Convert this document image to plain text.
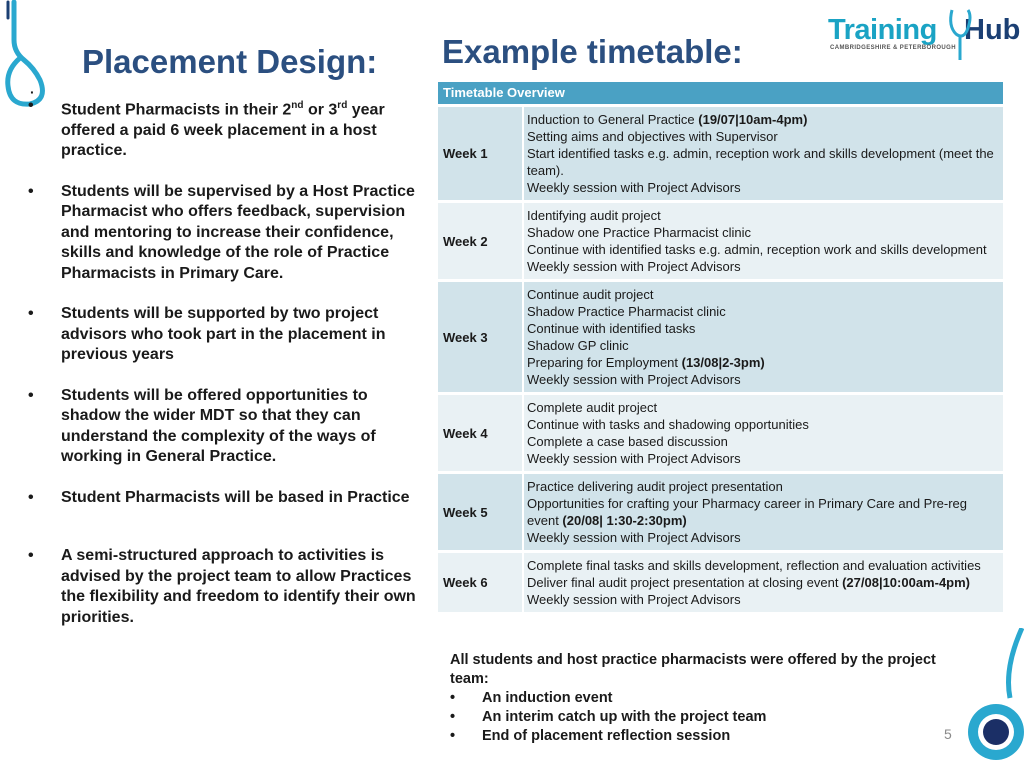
Placement Design: Example timetable:
Training Hub
CAMBRIDGESHIRE & PETERBOROUGH
·
•	Student Pharmacists in their 2nd or 3rd year offered a paid 6 week placement in a host practice.
•	Students will be supervised by a Host Practice Pharmacist who offers feedback, supervision and mentoring to increase their confidence, skills and knowledge of the role of Practice Pharmacists in Primary Care.
•	Students will be supported by two project advisors who took part in the placement in previous years
•	Students will be offered opportunities to shadow the wider MDT so that they can understand the complexity of the ways of working in General Practice.
•	Student Pharmacists will be based in Practice
•	A semi-structured approach to activities is advised by the project team to allow Practices the flexibility and freedom to identify their own priorities.
Timetable Overview
Week 1
Induction to General Practice (19/07|10am-4pm)
Setting aims and objectives with Supervisor
Start identified tasks e.g. admin, reception work and skills development (meet the team).
Weekly session with Project Advisors
Week 2
Identifying audit project
Shadow one Practice Pharmacist clinic
Continue with identified tasks e.g. admin, reception work and skills development
Weekly session with Project Advisors
Week 3
Continue audit project
Shadow Practice Pharmacist clinic
Continue with identified tasks
Shadow GP clinic
Preparing for Employment (13/08|2-3pm)
Weekly session with Project Advisors
Week 4
Complete audit project
Continue with tasks and shadowing opportunities
Complete a case based discussion
Weekly session with Project Advisors
Week 5
Practice delivering audit project presentation
Opportunities for crafting your Pharmacy career in Primary Care and Pre-reg event (20/08| 1:30-2:30pm)
Weekly session with Project Advisors
Week 6
Complete final tasks and skills development, reflection and evaluation activities
Deliver final audit project presentation at closing event (27/08|10:00am-4pm)
Weekly session with Project Advisors
All students and host practice pharmacists were offered by the project team:
• An induction event
• An interim catch up with the project team
• End of placement reflection session	5
